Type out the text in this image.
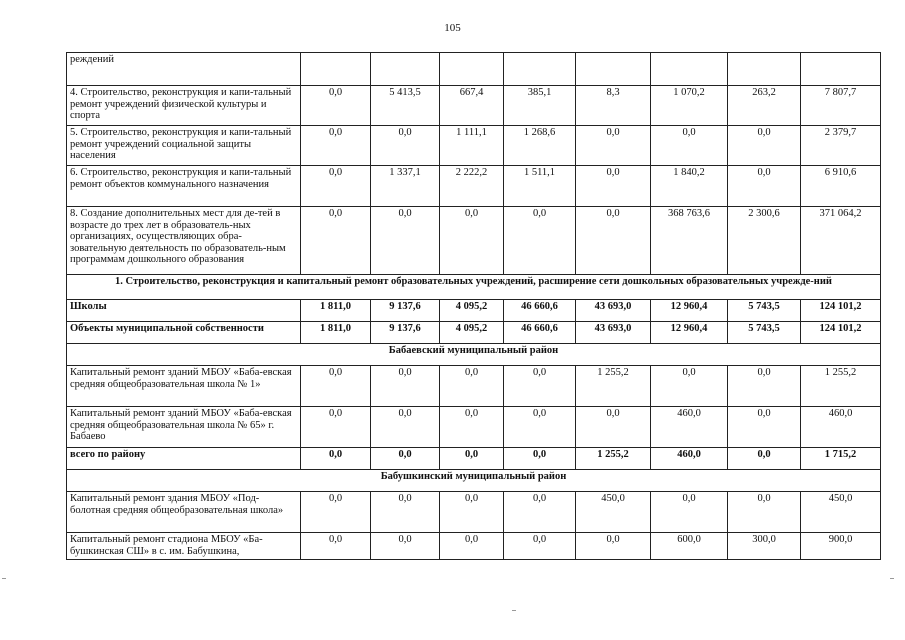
105
реждений								
4. Строительство, реконструкция и капи-тальный ремонт учреждений физической культуры и спорта	0,0	5 413,5	667,4	385,1	8,3	1 070,2	263,2	7 807,7
5. Строительство, реконструкция и капи-тальный ремонт учреждений социальной защиты населения	0,0	0,0	1 111,1	1 268,6	0,0	0,0	0,0	2 379,7
6. Строительство, реконструкция и капи-тальный ремонт объектов коммунального назначения	0,0	1 337,1	2 222,2	1 511,1	0,0	1 840,2	0,0	6 910,6
8. Создание дополнительных мест для де-тей в возрасте до трех лет в образователь-ных организациях, осуществляющих обра-зовательную деятельность по образователь-ным программам дошкольного образования	0,0	0,0	0,0	0,0	0,0	368 763,6	2 300,6	371 064,2
1. Строительство, реконструкция и капитальный ремонт образовательных учреждений, расширение сети дошкольных образовательных учрежде-ний								
Школы	1 811,0	9 137,6	4 095,2	46 660,6	43 693,0	12 960,4	5 743,5	124 101,2
Объекты муниципальной собственности	1 811,0	9 137,6	4 095,2	46 660,6	43 693,0	12 960,4	5 743,5	124 101,2
Бабаевский муниципальный район								
Капитальный ремонт зданий МБОУ «Баба-евская средняя общеобразовательная школа № 1»	0,0	0,0	0,0	0,0	1 255,2	0,0	0,0	1 255,2
Капитальный ремонт зданий МБОУ «Баба-евская средняя общеобразовательная школа № 65» г. Бабаево	0,0	0,0	0,0	0,0	0,0	460,0	0,0	460,0
всего по району	0,0	0,0	0,0	0,0	1 255,2	460,0	0,0	1 715,2
Бабушкинский муниципальный район								
Капитальный ремонт здания МБОУ «Под-болотная средняя общеобразовательная школа»	0,0	0,0	0,0	0,0	450,0	0,0	0,0	450,0
Капитальный ремонт стадиона МБОУ «Ба-бушкинская СШ» в с. им. Бабушкина,	0,0	0,0	0,0	0,0	0,0	600,0	300,0	900,0
